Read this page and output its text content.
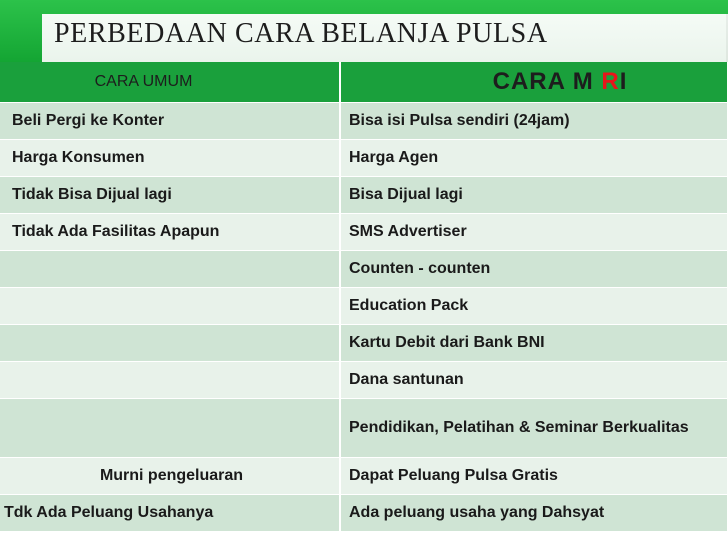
PERBEDAAN CARA BELANJA PULSA
CARA UMUM	CARA M RI
Beli Pergi ke Konter	Bisa isi Pulsa sendiri (24jam)
Harga Konsumen	Harga Agen
Tidak Bisa Dijual lagi	Bisa Dijual lagi
Tidak Ada Fasilitas Apapun	SMS Advertiser
	Counten - counten
	Education Pack
	Kartu Debit dari Bank BNI
	Dana santunan
	Pendidikan, Pelatihan & Seminar Berkualitas
Murni pengeluaran	Dapat Peluang Pulsa Gratis
Tdk Ada Peluang Usahanya	Ada peluang usaha yang Dahsyat
